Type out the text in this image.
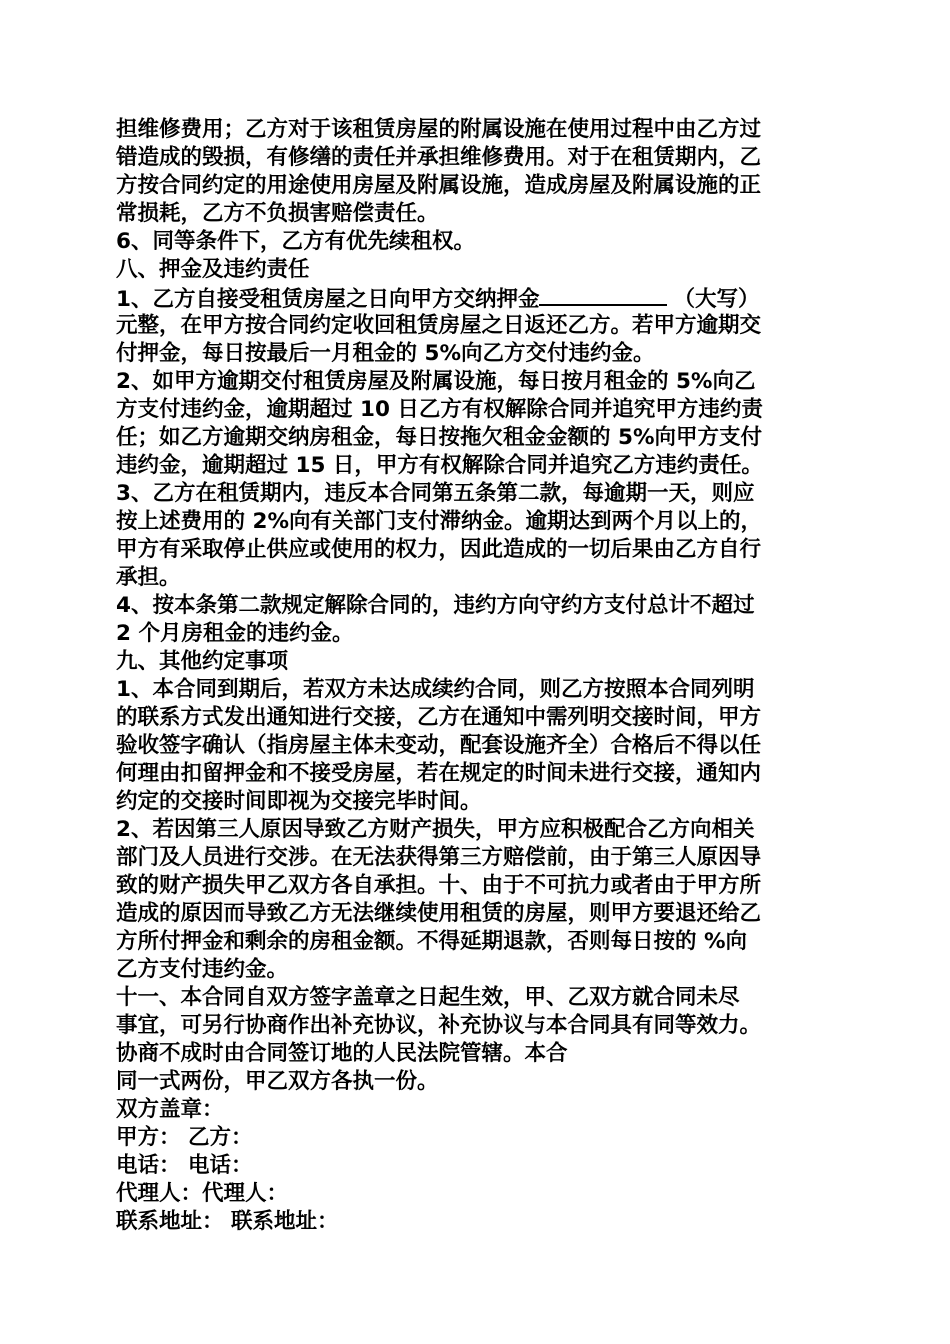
担维修费用；乙方对于该租赁房屋的附属设施在使用过程中由乙方过
错造成的毁损，有修缮的责任并承担维修费用。对于在租赁期内，乙
方按合同约定的用途使用房屋及附属设施，造成房屋及附属设施的正
常损耗，乙方不负损害赔偿责任。
6、同等条件下，乙方有优先续租权。
八、押金及违约责任
1、乙方自接受租赁房屋之日向甲方交纳押金	（大写）
元整，在甲方按合同约定收回租赁房屋之日返还乙方。若甲方逾期交
付押金，每日按最后一月租金的 5%向乙方交付违约金。
2、如甲方逾期交付租赁房屋及附属设施，每日按月租金的 5%向乙
方支付违约金，逾期超过 10 日乙方有权解除合同并追究甲方违约责
任；如乙方逾期交纳房租金，每日按拖欠租金金额的 5%向甲方支付
违约金，逾期超过 15 日，甲方有权解除合同并追究乙方违约责任。
3、乙方在租赁期内，违反本合同第五条第二款，每逾期一天，则应
按上述费用的 2%向有关部门支付滞纳金。逾期达到两个月以上的，
甲方有采取停止供应或使用的权力，因此造成的一切后果由乙方自行
承担。
4、按本条第二款规定解除合同的，违约方向守约方支付总计不超过
2 个月房租金的违约金。
九、其他约定事项
1、本合同到期后，若双方未达成续约合同，则乙方按照本合同列明
的联系方式发出通知进行交接，乙方在通知中需列明交接时间，甲方
验收签字确认（指房屋主体未变动，配套设施齐全）合格后不得以任
何理由扣留押金和不接受房屋，若在规定的时间未进行交接，通知内
约定的交接时间即视为交接完毕时间。
2、若因第三人原因导致乙方财产损失，甲方应积极配合乙方向相关
部门及人员进行交涉。在无法获得第三方赔偿前，由于第三人原因导
致的财产损失甲乙双方各自承担。十、由于不可抗力或者由于甲方所
造成的原因而导致乙方无法继续使用租赁的房屋，则甲方要退还给乙
方所付押金和剩余的房租金额。不得延期退款，否则每日按的 %向
乙方支付违约金。
十一、本合同自双方签字盖章之日起生效，甲、乙双方就合同未尽
事宜，可另行协商作出补充协议，补充协议与本合同具有同等效力。
协商不成时由合同签订地的人民法院管辖。本合
同一式两份，甲乙双方各执一份。
双方盖章：
甲方： 乙方：
电话： 电话：
代理人：代理人：
联系地址： 联系地址：
